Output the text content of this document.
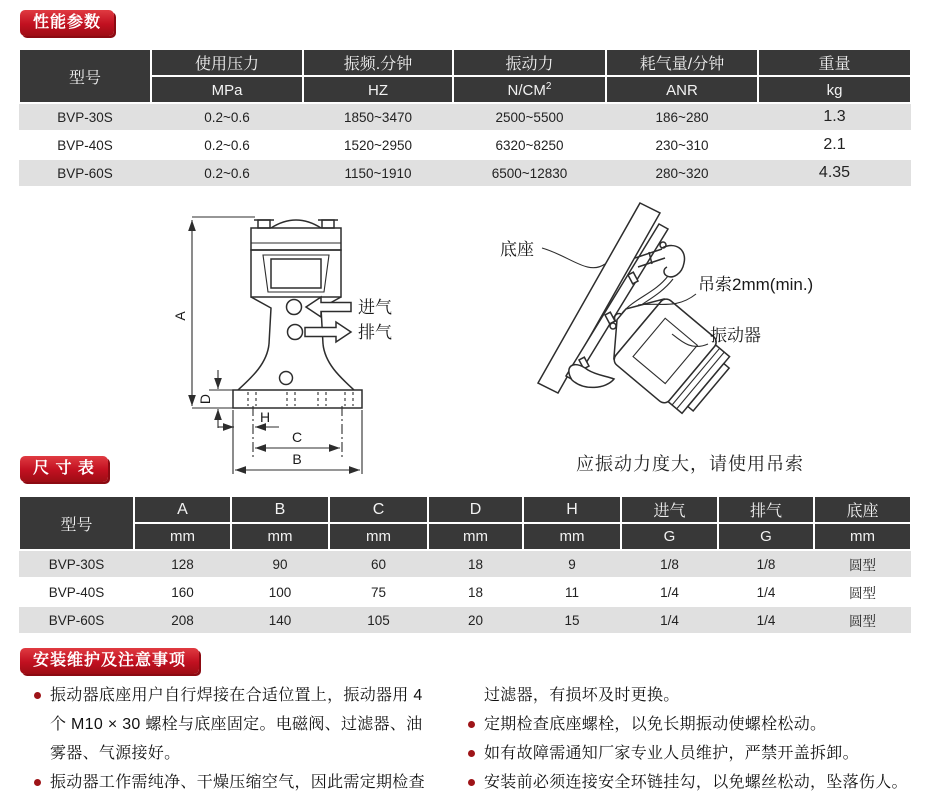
性能参数
型号	使用压力	振频.分钟	振动力	耗气量/分钟	重量
	MPa	HZ	$N/CM^2$	ANR	kg
BVP-30S	0.2~0.6	1850~3470	2500~5500	186~280	1.3
BVP-40S	0.2~0.6	1520~2950	6320~8250	230~310	2.1
BVP-60S	0.2~0.6	1150~1910	6500~12830	280~320	4.35
进气
排气
A
D
H
C
B
底座
吊索2mm(min.)
振动器
应振动力度大，请使用吊索
尺 寸 表
型号	A	B	C	D	H	进气	排气	底座
	mm	mm	mm	mm	mm	G	G	mm
BVP-30S	128	90	60	18	9	1/8	1/8	圆型
BVP-40S	160	100	75	18	11	1/4	1/4	圆型
BVP-60S	208	140	105	20	15	1/4	1/4	圆型
安装维护及注意事项
振动器底座用户自行焊接在合适位置上，振动器用 4
个 M10 × 30 螺栓与底座固定。电磁阀、过滤器、油
雾器、气源接好。
振动器工作需纯净、干燥压缩空气，因此需定期检查
过滤器，有损坏及时更换。
定期检查底座螺栓，以免长期振动使螺栓松动。
如有故障需通知厂家专业人员维护，严禁开盖拆卸。
安装前必须连接安全环链挂勾，以免螺丝松动，坠落伤人。
